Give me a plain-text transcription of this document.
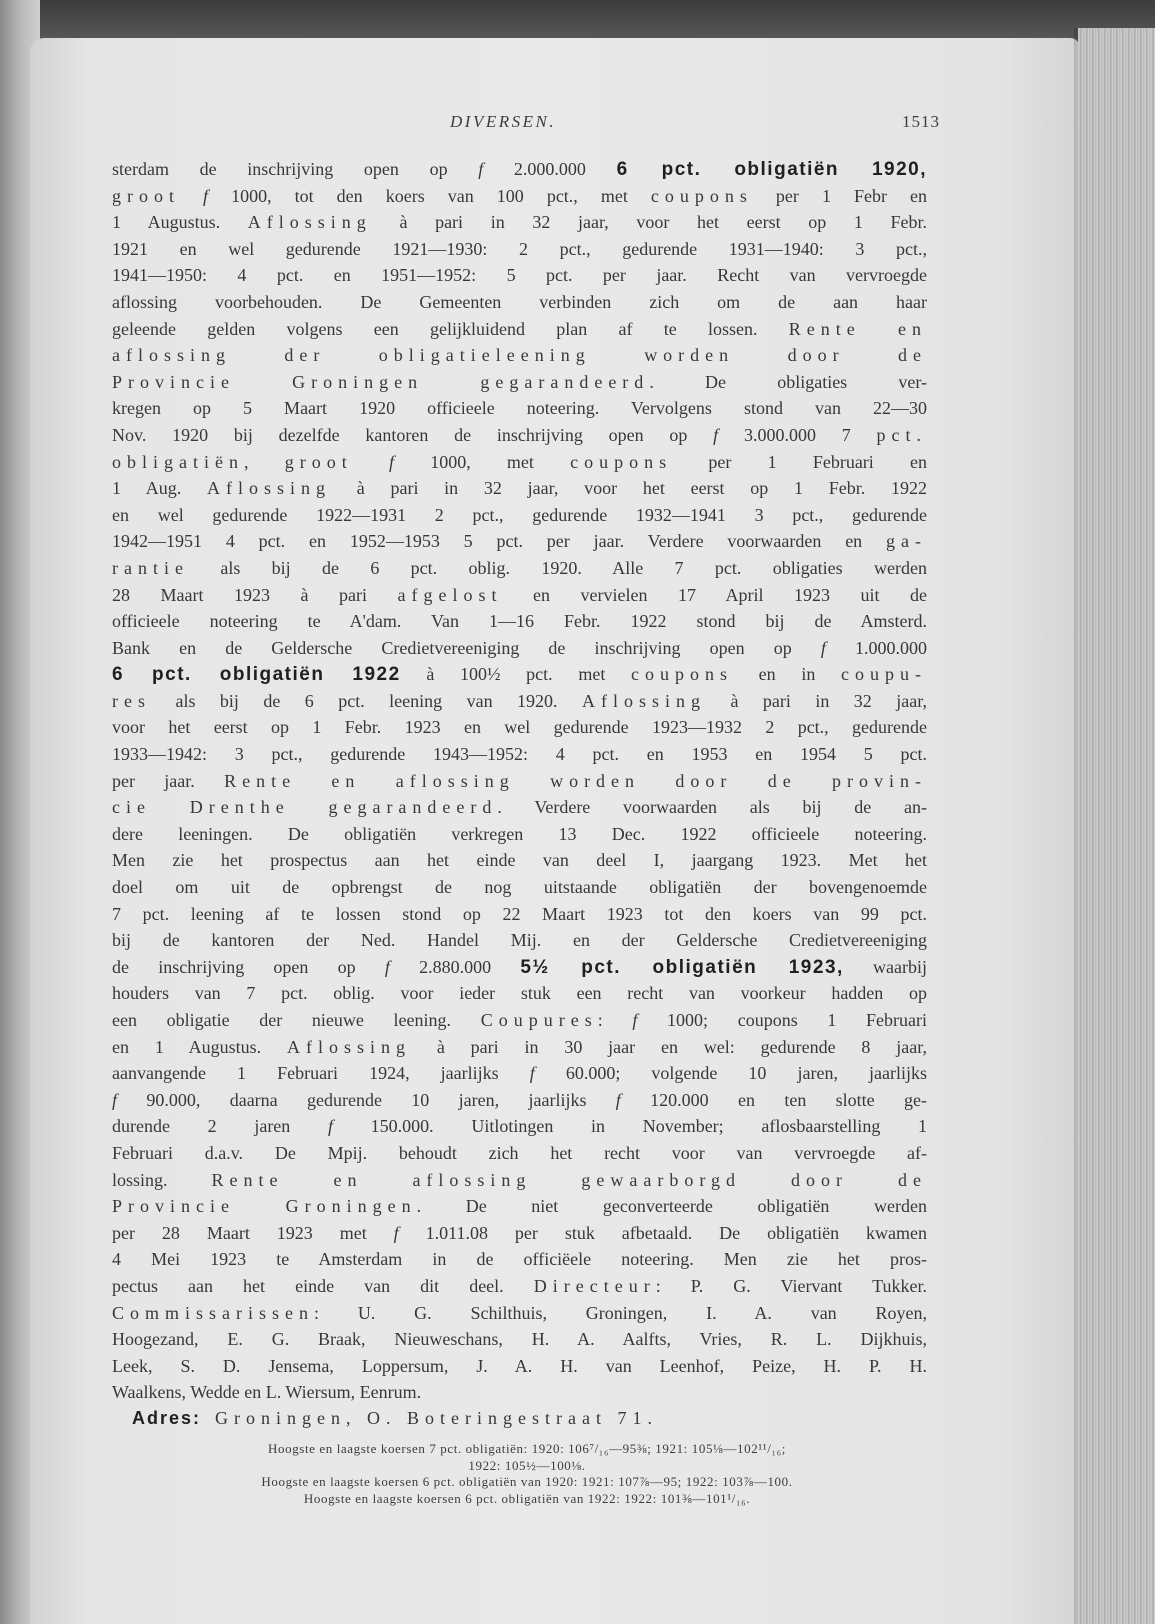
DIVERSEN.	1513
sterdam de inschrijving open op f 2.000.000 6 pct. obligatiën 1920,
groot f 1000, tot den koers van 100 pct., met coupons per 1 Febr en
1 Augustus. Aflossing à pari in 32 jaar, voor het eerst op 1 Febr.
1921 en wel gedurende 1921—1930: 2 pct., gedurende 1931—1940: 3 pct.,
1941—1950: 4 pct. en 1951—1952: 5 pct. per jaar. Recht van vervroegde
aflossing voorbehouden. De Gemeenten verbinden zich om de aan haar
geleende gelden volgens een gelijkluidend plan af te lossen. Rente en
aflossing der obligatieleening worden door de
Provincie Groningen gegarandeerd. De obligaties ver-
kregen op 5 Maart 1920 officieele noteering. Vervolgens stond van 22—30
Nov. 1920 bij dezelfde kantoren de inschrijving open op f 3.000.000 7 pct.
obligatiën, groot f 1000, met coupons per 1 Februari en
1 Aug. Aflossing à pari in 32 jaar, voor het eerst op 1 Febr. 1922
en wel gedurende 1922—1931 2 pct., gedurende 1932—1941 3 pct., gedurende
1942—1951 4 pct. en 1952—1953 5 pct. per jaar. Verdere voorwaarden en ga-
rantie als bij de 6 pct. oblig. 1920. Alle 7 pct. obligaties werden
28 Maart 1923 à pari afgelost en vervielen 17 April 1923 uit de
officieele noteering te A'dam. Van 1—16 Febr. 1922 stond bij de Amsterd.
Bank en de Geldersche Credietvereeniging de inschrijving open op f 1.000.000
6 pct. obligatiën 1922 à 100½ pct. met coupons en in coupu-
res als bij de 6 pct. leening van 1920. Aflossing à pari in 32 jaar,
voor het eerst op 1 Febr. 1923 en wel gedurende 1923—1932 2 pct., gedurende
1933—1942: 3 pct., gedurende 1943—1952: 4 pct. en 1953 en 1954 5 pct.
per jaar. Rente en aflossing worden door de provin-
cie Drenthe gegarandeerd. Verdere voorwaarden als bij de an-
dere leeningen. De obligatiën verkregen 13 Dec. 1922 officieele noteering.
Men zie het prospectus aan het einde van deel I, jaargang 1923. Met het
doel om uit de opbrengst de nog uitstaande obligatiën der bovengenoemde
7 pct. leening af te lossen stond op 22 Maart 1923 tot den koers van 99 pct.
bij de kantoren der Ned. Handel Mij. en der Geldersche Credietvereeniging
de inschrijving open op f 2.880.000 5½ pct. obligatiën 1923, waarbij
houders van 7 pct. oblig. voor ieder stuk een recht van voorkeur hadden op
een obligatie der nieuwe leening. Coupures: f 1000; coupons 1 Februari
en 1 Augustus. Aflossing à pari in 30 jaar en wel: gedurende 8 jaar,
aanvangende 1 Februari 1924, jaarlijks f 60.000; volgende 10 jaren, jaarlijks
f 90.000, daarna gedurende 10 jaren, jaarlijks f 120.000 en ten slotte ge-
durende 2 jaren f 150.000. Uitlotingen in November; aflosbaarstelling 1
Februari d.a.v. De Mpij. behoudt zich het recht voor van vervroegde af-
lossing. Rente en aflossing gewaarborgd door de
Provincie Groningen. De niet geconverteerde obligatiën werden
per 28 Maart 1923 met f 1.011.08 per stuk afbetaald. De obligatiën kwamen
4 Mei 1923 te Amsterdam in de officiëele noteering. Men zie het pros-
pectus aan het einde van dit deel. Directeur: P. G. Viervant Tukker.
Commissarissen: U. G. Schilthuis, Groningen, I. A. van Royen,
Hoogezand, E. G. Braak, Nieuweschans, H. A. Aalfts, Vries, R. L. Dijkhuis,
Leek, S. D. Jensema, Loppersum, J. A. H. van Leenhof, Peize, H. P. H.
Waalkens, Wedde en L. Wiersum, Eenrum.
Adres: Groningen, O. Boteringestraat 71.
Hoogste en laagste koersen 7 pct. obligatiën: 1920: 106⁷/₁₆—95⅜; 1921: 105⅛—102¹¹/₁₆;
1922: 105½—100⅛.
Hoogste en laagste koersen 6 pct. obligatiën van 1920: 1921: 107⅞—95; 1922: 103⅞—100.
Hoogste en laagste koersen 6 pct. obligatiën van 1922: 1922: 101⅜—101¹/₁₆.
